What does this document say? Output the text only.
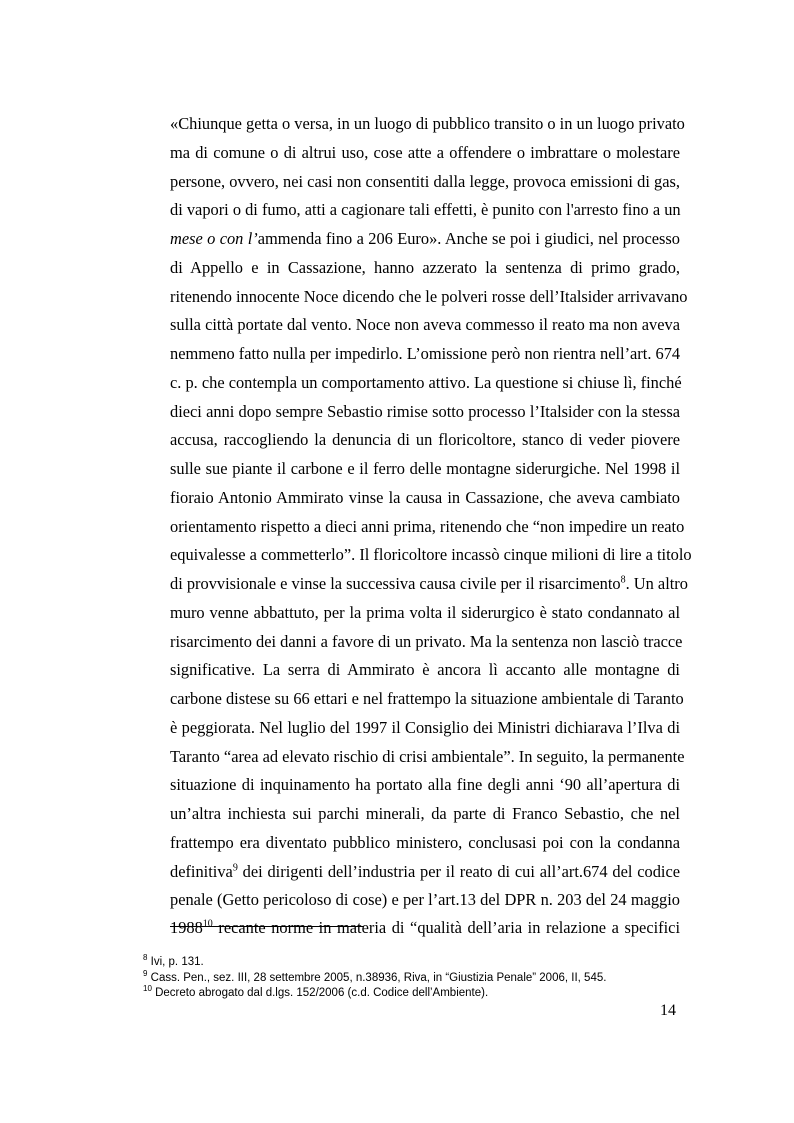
«Chiunque getta o versa, in un luogo di pubblico transito o in un luogo privato
ma di comune o di altrui uso, cose atte a offendere o imbrattare o molestare
persone, ovvero, nei casi non consentiti dalla legge, provoca emissioni di gas,
di vapori o di fumo, atti a cagionare tali effetti, è punito con l'arresto fino a un
mese o con l’ammenda fino a 206 Euro». Anche se poi i giudici, nel processo
di Appello e in Cassazione, hanno azzerato la sentenza di primo grado,
ritenendo innocente Noce dicendo che le polveri rosse dell’Italsider arrivavano
sulla città portate dal vento. Noce non aveva commesso il reato ma non aveva
nemmeno fatto nulla per impedirlo. L’omissione però non rientra nell’art. 674
c. p. che contempla un comportamento attivo. La questione si chiuse lì, finché
dieci anni dopo sempre Sebastio rimise sotto processo l’Italsider con la stessa
accusa, raccogliendo la denuncia di un floricoltore, stanco di veder piovere
sulle sue piante il carbone e il ferro delle montagne siderurgiche. Nel 1998 il
fioraio Antonio Ammirato vinse la causa in Cassazione, che aveva cambiato
orientamento rispetto a dieci anni prima, ritenendo che “non impedire un reato
equivalesse a commetterlo”. Il floricoltore incassò cinque milioni di lire a titolo
di provvisionale e vinse la successiva causa civile per il risarcimento$^8$. Un altro
muro venne abbattuto, per la prima volta il siderurgico è stato condannato al
risarcimento dei danni a favore di un privato. Ma la sentenza non lasciò tracce
significative. La serra di Ammirato è ancora lì accanto alle montagne di
carbone distese su 66 ettari e nel frattempo la situazione ambientale di Taranto
è peggiorata. Nel luglio del 1997 il Consiglio dei Ministri dichiarava l’Ilva di
Taranto “area ad elevato rischio di crisi ambientale”. In seguito, la permanente
situazione di inquinamento ha portato alla fine degli anni ‘90 all’apertura di
un’altra inchiesta sui parchi minerali, da parte di Franco Sebastio, che nel
frattempo era diventato pubblico ministero, conclusasi poi con la condanna
definitiva$^9$ dei dirigenti dell’industria per il reato di cui all’art.674 del codice
penale (Getto pericoloso di cose) e per l’art.13 del DPR n. 203 del 24 maggio
1988$^{10}$ recante norme in materia di “qualità dell’aria in relazione a specifici
$^8$ Ivi, p. 131.
$^9$ Cass. Pen., sez. III, 28 settembre 2005, n.38936, Riva, in “Giustizia Penale” 2006, II, 545.
$^{10}$ Decreto abrogato dal d.lgs. 152/2006 (c.d. Codice dell’Ambiente).
14
